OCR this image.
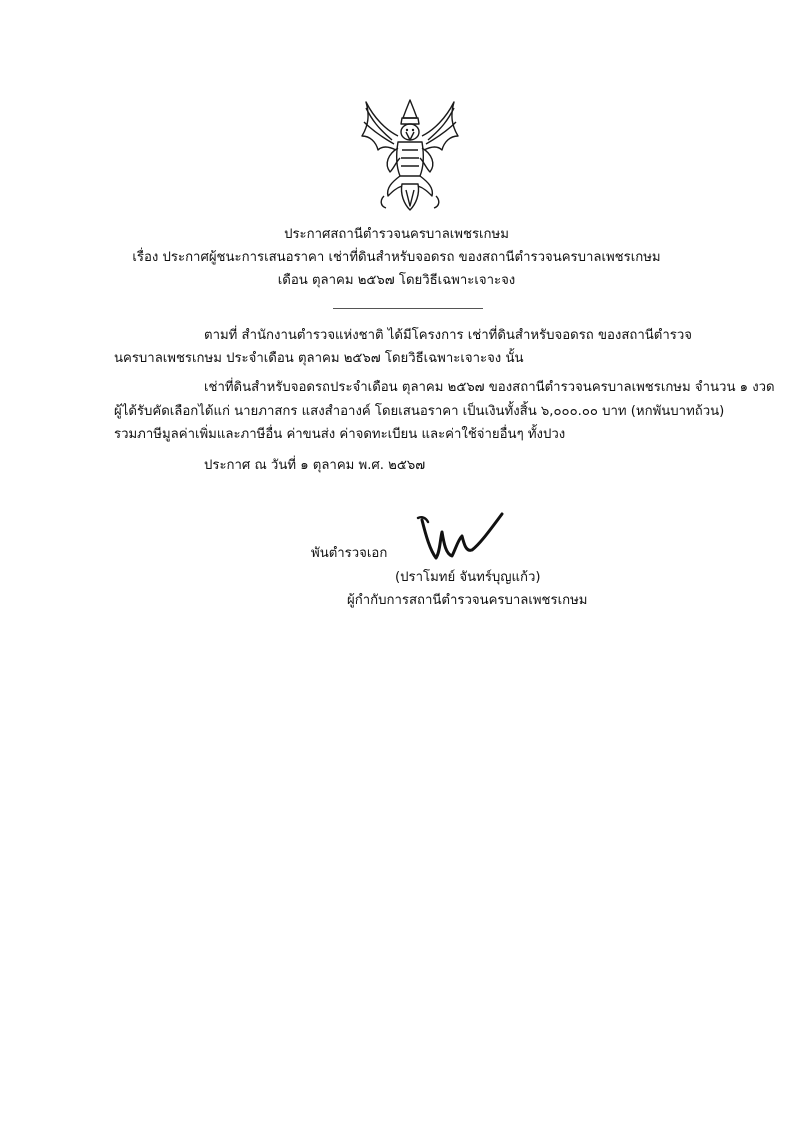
ประกาศสถานีตำรวจนครบาลเพชรเกษม
เรื่อง ประกาศผู้ชนะการเสนอราคา เช่าที่ดินสำหรับจอดรถ ของสถานีตำรวจนครบาลเพชรเกษม
เดือน ตุลาคม ๒๕๖๗ โดยวิธีเฉพาะเจาะจง
ตามที่ สำนักงานตำรวจแห่งชาติ ได้มีโครงการ เช่าที่ดินสำหรับจอดรถ ของสถานีตำรวจ
นครบาลเพชรเกษม ประจำเดือน ตุลาคม ๒๕๖๗ โดยวิธีเฉพาะเจาะจง นั้น
เช่าที่ดินสำหรับจอดรถประจำเดือน ตุลาคม ๒๕๖๗ ของสถานีตำรวจนครบาลเพชรเกษม จำนวน ๑ งวด
ผู้ได้รับคัดเลือกได้แก่ นายภาสกร แสงสำอางค์ โดยเสนอราคา เป็นเงินทั้งสิ้น ๖,๐๐๐.๐๐ บาท (หกพันบาทถ้วน)
รวมภาษีมูลค่าเพิ่มและภาษีอื่น ค่าขนส่ง ค่าจดทะเบียน และค่าใช้จ่ายอื่นๆ ทั้งปวง
ประกาศ ณ วันที่ ๑ ตุลาคม พ.ศ. ๒๕๖๗
พันตำรวจเอก
(ปราโมทย์ จันทร์บุญแก้ว)
ผู้กำกับการสถานีตำรวจนครบาลเพชรเกษม
